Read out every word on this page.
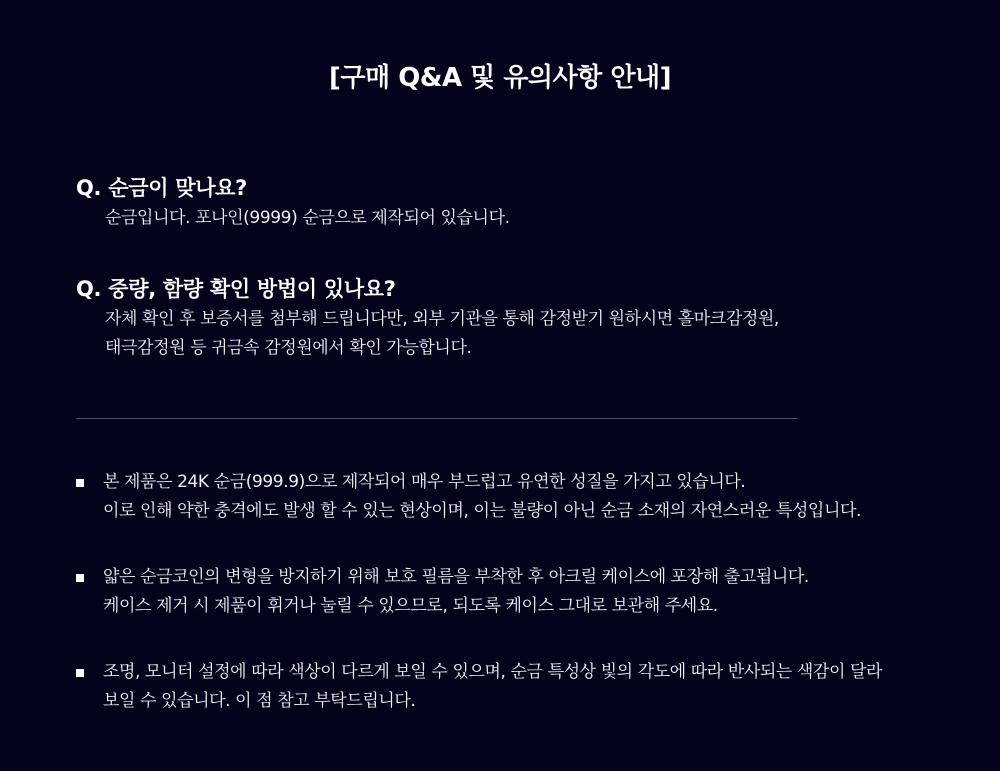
[구매 Q&A 및 유의사항 안내]
Q. 순금이 맞나요?

순금입니다. 포나인(9999) 순금으로 제작되어 있습니다.

Q. 중량, 함량 확인 방법이 있나요?

자체 확인 후 보증서를 첨부해 드립니다만, 외부 기관을 통해 감정받기 원하시면 홀마크감정원,

태극감정원 등 귀금속 감정원에서 확인 가능합니다.

본 제품은 24K 순금(999.9)으로 제작되어 매우 부드럽고 유연한 성질을 가지고 있습니다.

이로 인해 약한 충격에도 발생 할 수 있는 현상이며, 이는 불량이 아닌 순금 소재의 자연스러운 특성입니다.

얇은 순금코인의 변형을 방지하기 위해 보호 필름을 부착한 후 아크릴 케이스에 포장해 출고됩니다.

케이스 제거 시 제품이 휘거나 눌릴 수 있으므로, 되도록 케이스 그대로 보관해 주세요.

조명, 모니터 설정에 따라 색상이 다르게 보일 수 있으며, 순금 특성상 빛의 각도에 따라 반사되는 색감이 달라

보일 수 있습니다. 이 점 참고 부탁드립니다.
